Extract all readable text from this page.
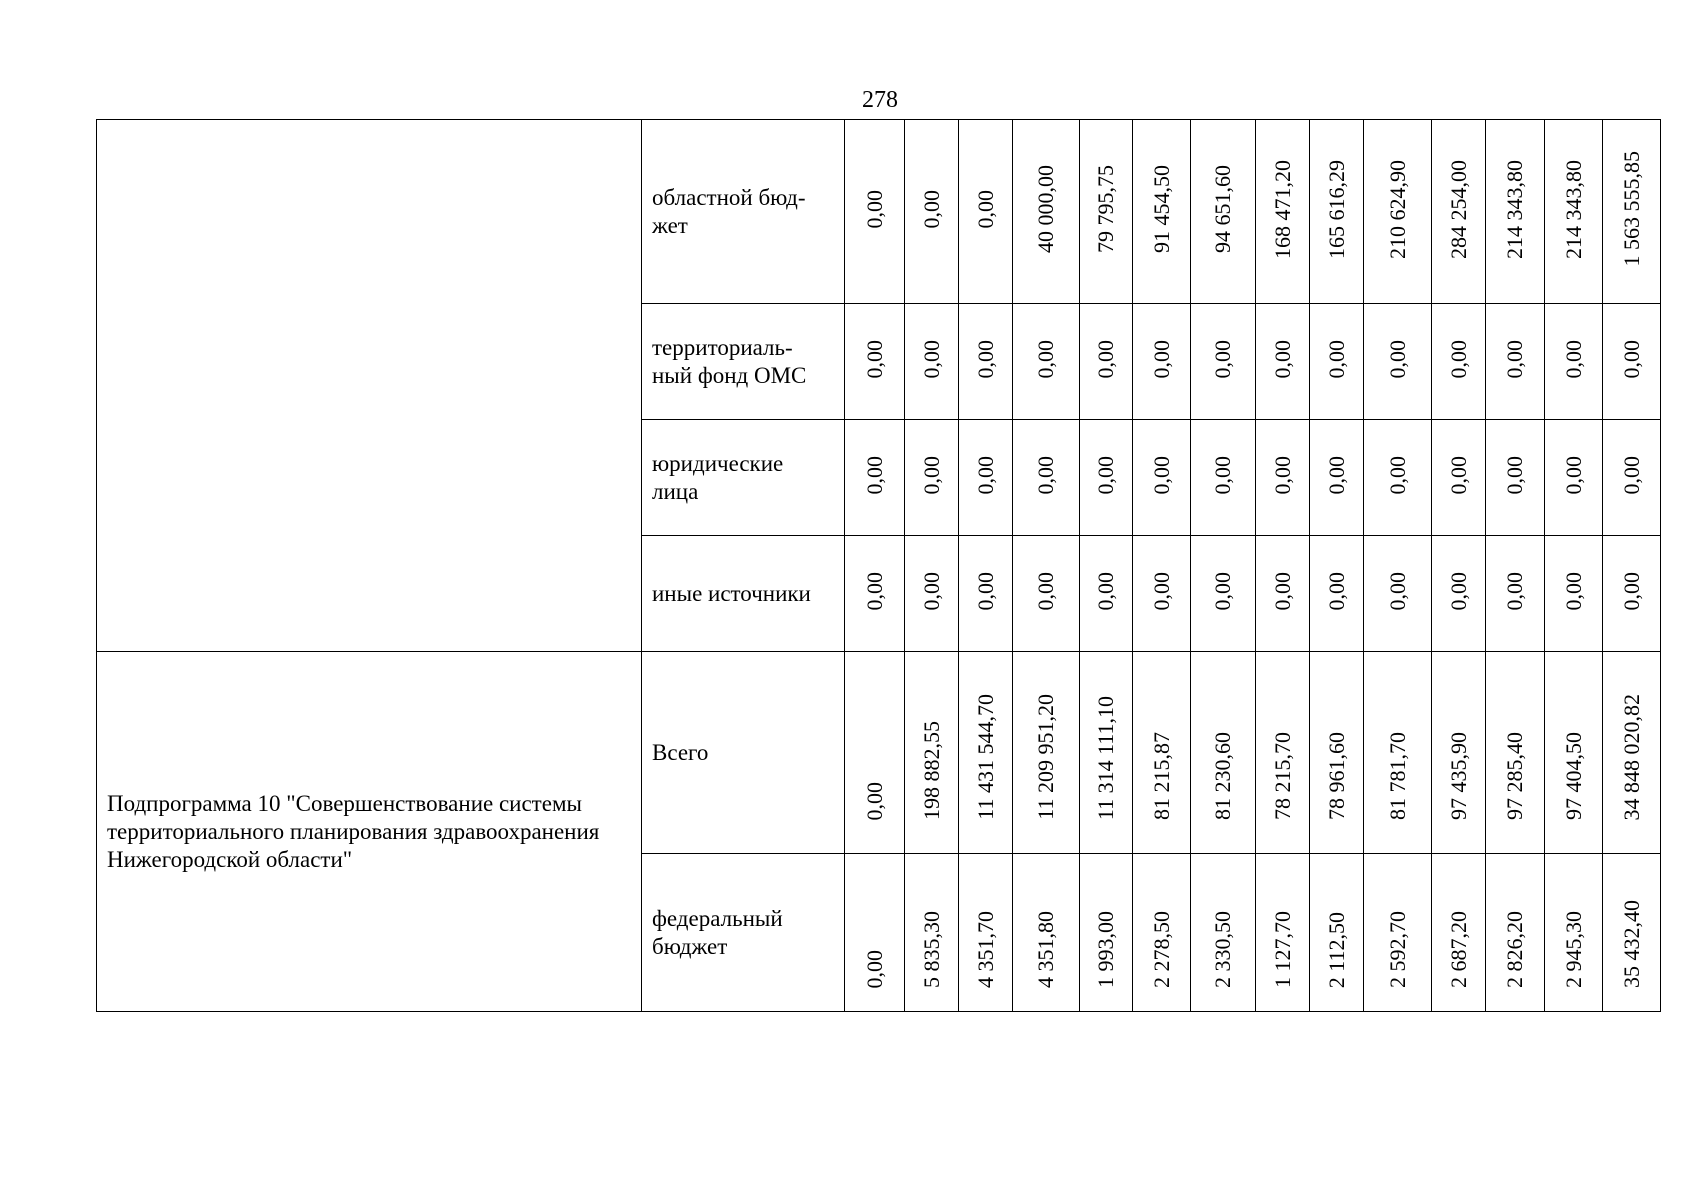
278
	областной бюд-
жет	0,00	0,00	0,00	40 000,00	79 795,75	91 454,50	94 651,60	168 471,20	165 616,29	210 624,90	284 254,00	214 343,80	214 343,80	1 563 555,85
	территориаль-
ный фонд ОМС	0,00	0,00	0,00	0,00	0,00	0,00	0,00	0,00	0,00	0,00	0,00	0,00	0,00	0,00
	юридические
лица	0,00	0,00	0,00	0,00	0,00	0,00	0,00	0,00	0,00	0,00	0,00	0,00	0,00	0,00
	иные источники	0,00	0,00	0,00	0,00	0,00	0,00	0,00	0,00	0,00	0,00	0,00	0,00	0,00	0,00
Подпрограмма 10 "Совершенствование системы территориального планирования здравоохранения Нижегородской области"	Всего	0,00	198 882,55	11 431 544,70	11 209 951,20	11 314 111,10	81 215,87	81 230,60	78 215,70	78 961,60	81 781,70	97 435,90	97 285,40	97 404,50	34 848 020,82
	федеральный
бюджет	0,00	5 835,30	4 351,70	4 351,80	1 993,00	2 278,50	2 330,50	1 127,70	2 112,50	2 592,70	2 687,20	2 826,20	2 945,30	35 432,40
